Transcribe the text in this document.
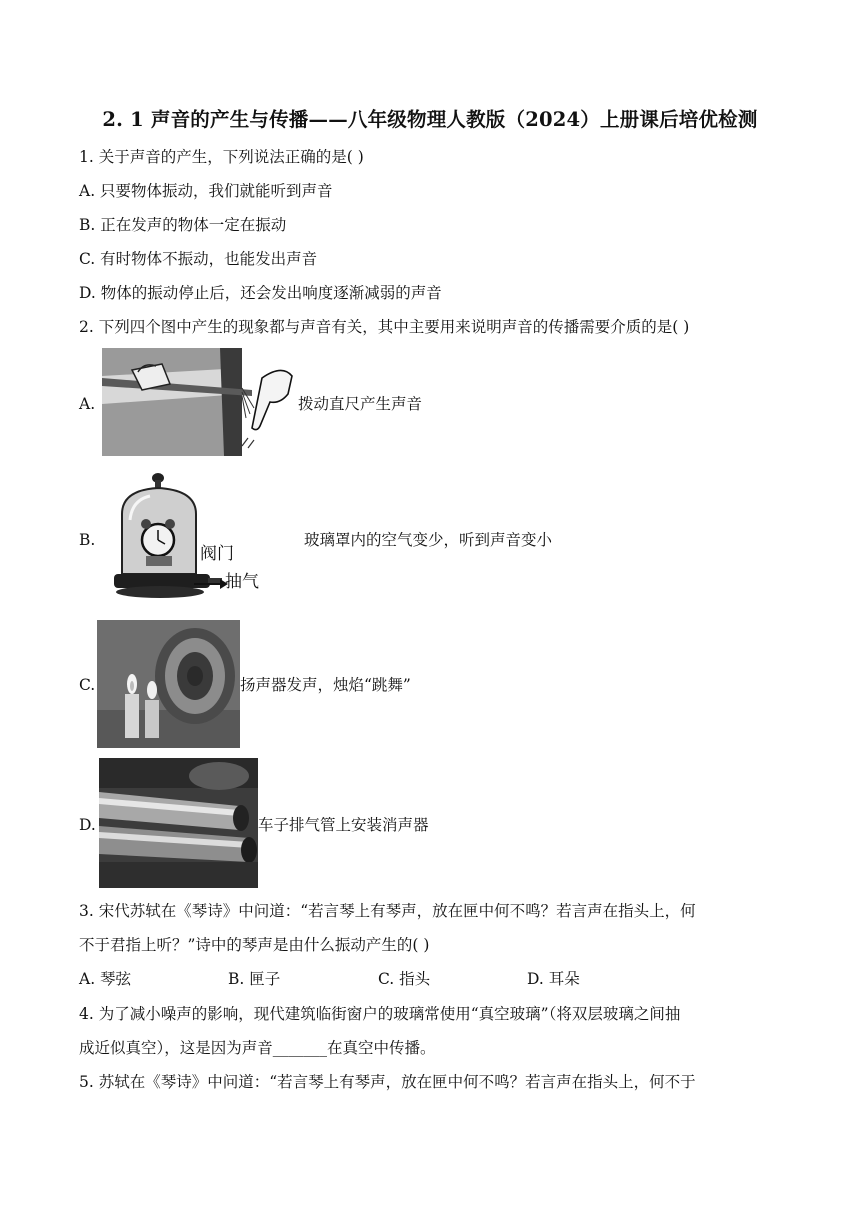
2. 1 声音的产生与传播——八年级物理人教版（2024）上册课后培优检测
1. 关于声音的产生，下列说法正确的是( )
A. 只要物体振动，我们就能听到声音
B. 正在发声的物体一定在振动
C. 有时物体不振动，也能发出声音
D. 物体的振动停止后，还会发出响度逐渐减弱的声音
2. 下列四个图中产生的现象都与声音有关，其中主要用来说明声音的传播需要介质的是( )
A.	拨动直尺产生声音
B.
阀门
抽气
玻璃罩内的空气变少，听到声音变小
C.	扬声器发声，烛焰“跳舞”
D.	车子排气管上安装消声器
3. 宋代苏轼在《琴诗》中问道：“若言琴上有琴声，放在匣中何不鸣？若言声在指头上，何
不于君指上听？”诗中的琴声是由什么振动产生的( )
A. 琴弦	B. 匣子	C. 指头	D. 耳朵
4. 为了减小噪声的影响，现代建筑临街窗户的玻璃常使用“真空玻璃”（将双层玻璃之间抽
成近似真空），这是因为声音_______在真空中传播。
5. 苏轼在《琴诗》中问道：“若言琴上有琴声，放在匣中何不鸣？若言声在指头上，何不于
